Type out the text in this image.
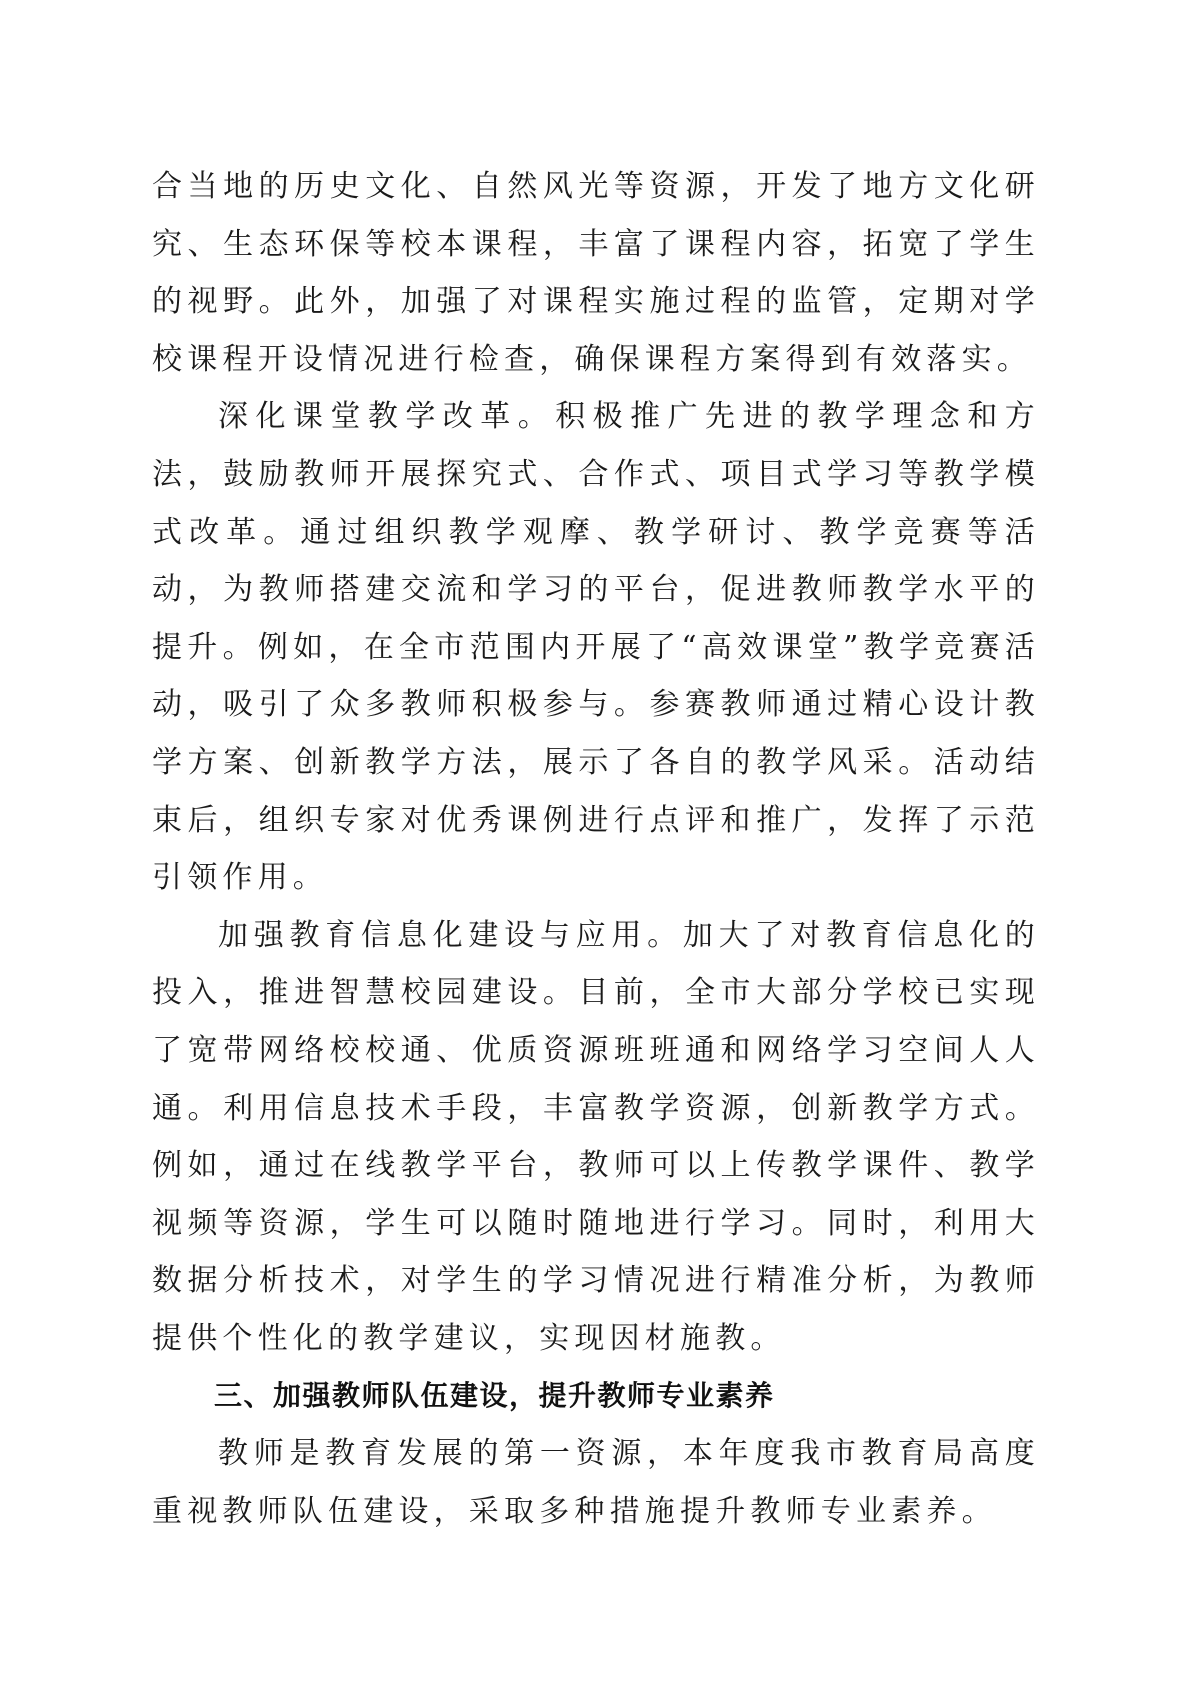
合当地的历史文化、自然风光等资源，开发了地方文化研究、生态环保等校本课程，丰富了课程内容，拓宽了学生的视野。此外，加强了对课程实施过程的监管，定期对学校课程开设情况进行检查，确保课程方案得到有效落实。

深化课堂教学改革。积极推广先进的教学理念和方法，鼓励教师开展探究式、合作式、项目式学习等教学模式改革。通过组织教学观摩、教学研讨、教学竞赛等活动，为教师搭建交流和学习的平台，促进教师教学水平的提升。例如，在全市范围内开展了“高效课堂”教学竞赛活动，吸引了众多教师积极参与。参赛教师通过精心设计教学方案、创新教学方法，展示了各自的教学风采。活动结束后，组织专家对优秀课例进行点评和推广，发挥了示范引领作用。

加强教育信息化建设与应用。加大了对教育信息化的投入，推进智慧校园建设。目前，全市大部分学校已实现了宽带网络校校通、优质资源班班通和网络学习空间人人通。利用信息技术手段，丰富教学资源，创新教学方式。例如，通过在线教学平台，教师可以上传教学课件、教学视频等资源，学生可以随时随地进行学习。同时，利用大数据分析技术，对学生的学习情况进行精准分析，为教师提供个性化的教学建议，实现因材施教。

三、加强教师队伍建设，提升教师专业素养

教师是教育发展的第一资源，本年度我市教育局高度重视教师队伍建设，采取多种措施提升教师专业素养。
